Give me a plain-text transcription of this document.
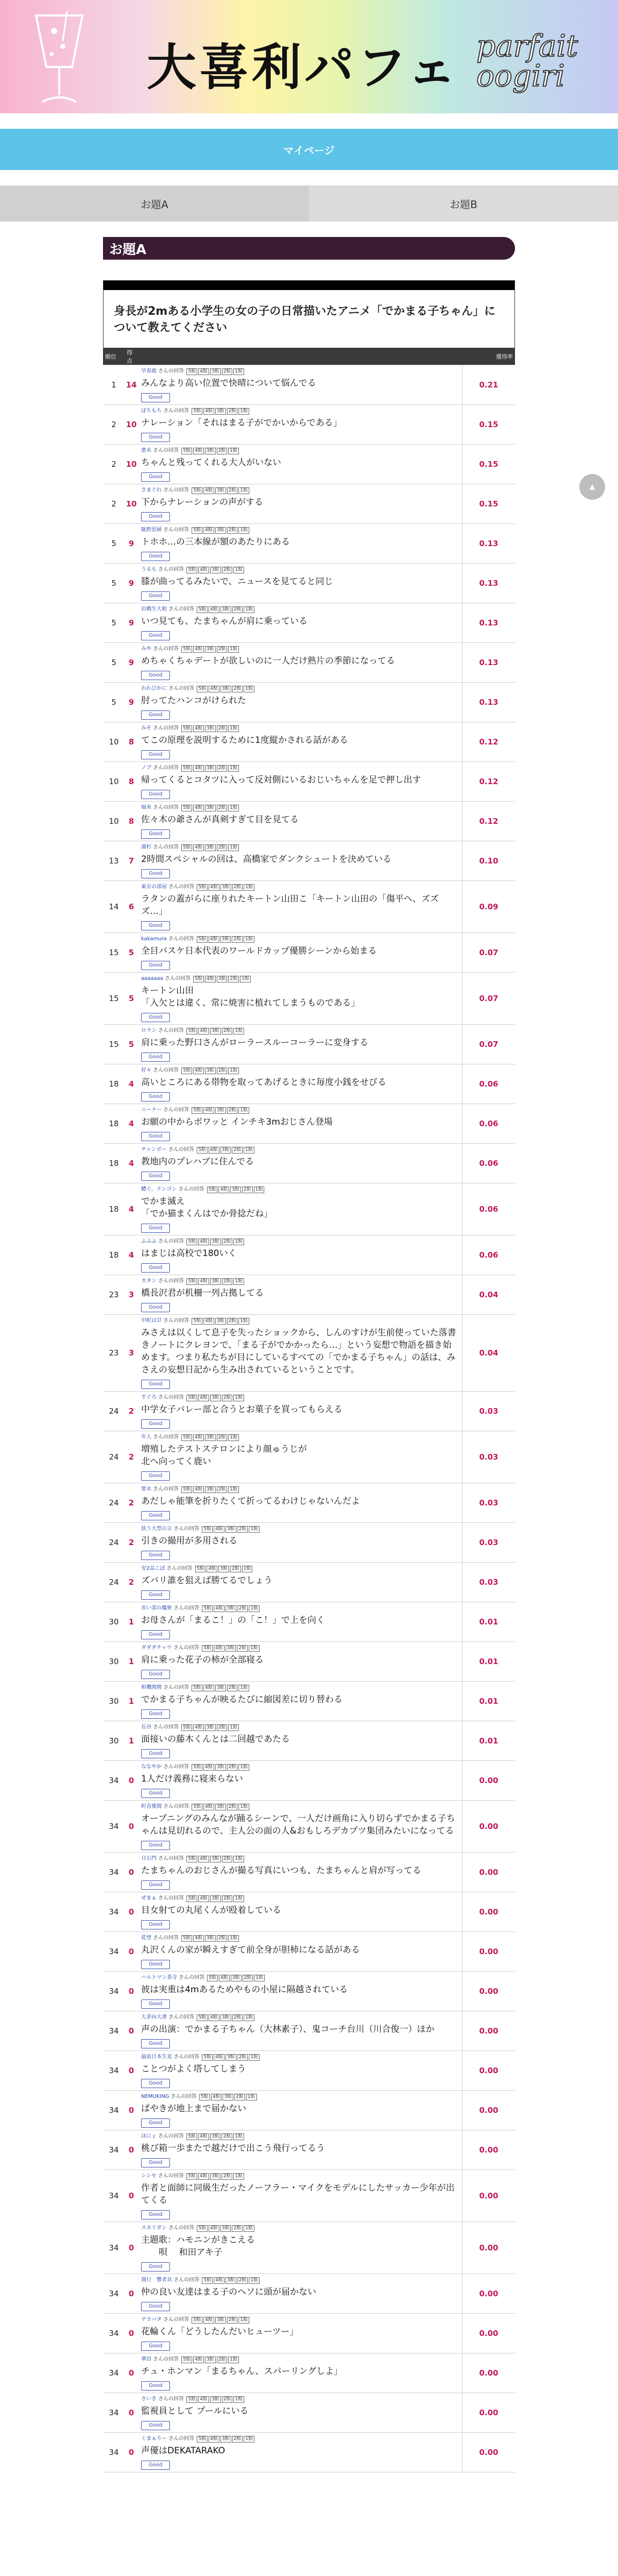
大喜利パフェ parfait
oogiri
マイページ
お題A	お題B
お題A
身長が2mある小学生の女の子の日常描いたアニメ「でかまる子ちゃん」について教えてください
順位	得点		獲得率
1	14	早春鹿 さんの回答 5點 4點 3點 2點 1點
みんなより高い位置で快晴について悩んでる
Good	0.21
2	10	ぽちもち さんの回答 5點 4點 3點 2點 1點
ナレーション「それはまる子がでかいからである」
Good	0.15
2	10	悪未 さんの回答 5點 4點 3點 2點 1點
ちゃんと残ってくれる大人がいない
Good	0.15
2	10	さまぐれ さんの回答 5點 4點 3點 2點 1點
下からナレーションの声がする
Good	0.15
5	9	駄野思婦 さんの回答 5點 4點 3點 2點 1點
トホホ…の三本線が額のあたりにある
Good	0.13
5	9	うるも さんの回答 5點 4點 3點 2點 1點
膝が曲ってるみたいで、ニュースを見てると同じ
Good	0.13
5	9	岩橋生大根 さんの回答 5點 4點 3點 2點 1點
いつ見ても、たまちゃんが肩に乗っている
Good	0.13
5	9	みや さんの回答 5點 4點 3點 2點 1點
めちゃくちゃデートが欲しいのに一人だけ熟片の季節になってる
Good	0.13
5	9	われびかに さんの回答 5點 4點 3點 2點 1點
肘ってたハンコがけられた
Good	0.13
10	8	みそ さんの回答 5點 4點 3點 2點 1點
てこの原理を説明するために1度縦かされる話がある
Good	0.12
10	8	ノブ さんの回答 5點 4點 3點 2點 1點
帰ってくるとコタツに入って反対側にいるおじいちゃんを足で押し出す
Good	0.12
10	8	堀米 さんの回答 5點 4點 3點 2點 1點
佐々木の爺さんが真剣すぎて目を見てる
Good	0.12
13	7	湖杉 さんの回答 5點 4點 3點 2點 1點
2時間スペシャルの回は、高橋家でダンクシュートを決めている
Good	0.10
14	6	東京の部屋 さんの回答 5點 4點 3點 2點 1點
ラタンの蓋がらに座りれたキートン山田こ「キートン山田の「傷平へ、ズズズ…」
Good	0.09
15	5	kakamura さんの回答 5點 4點 3點 2點 1點
全目パスケ日本代表のワールドカップ優勝シーンから始まる
Good	0.07
15	5	aaaaaaa さんの回答 5點 4點 3點 2點 1點
キートン山田
「入欠とは違く、常に焼害に植れてしまうものである」
Good	0.07
15	5	ロラン さんの回答 5點 4點 3點 2點 1點
肩に乗った野口さんがローラースルーコーラーに変身する
Good	0.07
18	4	好々 さんの回答 5點 4點 3點 2點 1點
高いところにある帯物を取ってあげるときに毎度小銭をせびる
Good	0.06
18	4	ニーナー さんの回答 5點 4點 3點 2點 1點
お願の中からボワッと インチキ3mおじさん登場
Good	0.06
18	4	チャンポー さんの回答 5點 4點 3點 2點 1點
教地内のプレハブに住んでる
Good	0.06
18	4	鱧ぐ。ナンゴン さんの回答 5點 4點 3點 2點 1點
でかま滅え
「でか猫まくんはでか骨捻だね」
Good	0.06
18	4	ふふふ さんの回答 5點 4點 3點 2點 1點
はまじは高校で180いく
Good	0.06
23	3	カタン さんの回答 5點 4點 3點 2點 1點
橋長沢君が机柵一列占拠してる
Good	0.04
23	3	中町は甘 さんの回答 5點 4點 3點 2點 1點
みさえは以くして息子を失ったショックから、しんのすけが生前使っていた落書きノートにクレヨンで、「まる子がでかかったら…」という妄想で物語を描き始めます。つまり私たちが目にしているすべての「でかまる子ちゃん」の話は、みさえの妄想日記から生み出されているということです。
Good	0.04
24	2	すぐろ さんの回答 5點 4點 3點 2點 1點
中学女子バレー部と合うとお菓子を買ってもらえる
Good	0.03
24	2	年人 さんの回答 5點 4點 3點 2點 1點
増殖したテストステロンにより顔ゅうじが
北へ向ってく鹿い
Good	0.03
24	2	要水 さんの回答 5點 4點 3點 2點 1點
あだしゃ能筆を折りたくて折ってるわけじゃないんだよ
Good	0.03
24	2	妖う大型の言 さんの回答 5點 4點 3點 2點 1點
引きの撮用が多用される
Good	0.03
24	2	安2品こぼ さんの回答 5點 4點 3點 2點 1點
ズバリ誰を狙えば勝てるでしょう
Good	0.03
30	1	赤い部の魔術 さんの回答 5點 4點 3點 2點 1點
お母さんが「まるこ！」の「こ！」で上を向く
Good	0.01
30	1	ダダダチャウ さんの回答 5點 4點 3點 2點 1點
肩に乗った花子の柿が全部寝る
Good	0.01
30	1	和機関開 さんの回答 5點 4點 3點 2點 1點
でかまる子ちゃんが映るたびに縮図差に切り替わる
Good	0.01
30	1	長谷 さんの回答 5點 4點 3點 2點 1點
面接いの藤木くんとは二回越であたる
Good	0.01
34	0	ななやか さんの回答 5點 4點 3點 2點 1點
1人だけ義務に寝来らない
Good	0.00
34	0	町直後間 さんの回答 5點 4點 3點 2點 1點
オープニングのみんなが踊るシーンで、一人だけ画角に入り切らずでかまる子ちゃんは見切れるので、主人公の面の人&おもしろデカプツ集団みたいになってる
Good	0.00
34	0	日右門 さんの回答 5點 4點 3點 2點 1點
たまちゃんのおじさんが撮る写真にいつも、たまちゃんと肩が写ってる
Good	0.00
34	0	ぜまぁ さんの回答 5點 4點 3點 2點 1點
目女射ての丸尾くんが殴着している
Good	0.00
34	0	花埜 さんの回答 5點 4點 3點 2點 1點
丸沢くんの家が瞬えすぎて前全身が胆柿になる話がある
Good	0.00
34	0	ハルトマン茶寺 さんの回答 5點 4點 3點 2點 1點
彼は実重は4mあるためやもの小屋に隔越されている
Good	0.00
34	0	大茅向大書 さんの回答 5點 4點 3點 2點 1點
声の出演：でかまる子ちゃん（大林素子）、鬼コーチ台川（川合俊一）ほか
Good	0.00
34	0	最前日本生麦 さんの回答 5點 4點 3點 2點 1點
ことつがよく塔してしまう
Good	0.00
34	0	NEMUKING さんの回答 5點 4點 3點 2點 1點
ぱやきが地上まで届かない
Good	0.00
34	0	ほにょ さんの回答 5點 4點 3點 2點 1點
桃び箱一歩またで越だけで出こう飛行ってるう
Good	0.00
34	0	シシモ さんの回答 5點 4點 3點 2點 1點
作者と面師に同級生だったノーフラー・マイクをモデルにしたサッカー少年が出てくる
Good	0.00
34	0	スカリガン さんの回答 5點 4點 3點 2點 1點
主題歌：ハモニンがきこえる
　　唄　 和田アキ子
Good	0.00
34	0	週行　響者具 さんの回答 5點 4點 3點 2點 1點
仲の良い友達はまる子のヘソに頭が届かない
Good	0.00
34	0	デラパタ さんの回答 5點 4點 3點 2點 1點
花輪くん「どうしたんだいヒューツー」
Good	0.00
34	0	華田 さんの回答 5點 4點 3點 2點 1點
チュ・ホンマン「まるちゃん、スパーリングしよ」
Good	0.00
34	0	さいき さんの回答 5點 4點 3點 2點 1點
監視員として プールにいる
Good	0.00
34	0	くまぁりー さんの回答 5點 4點 3點 2點 1點
声優はDEKATARAKO
Good	0.00
▲
